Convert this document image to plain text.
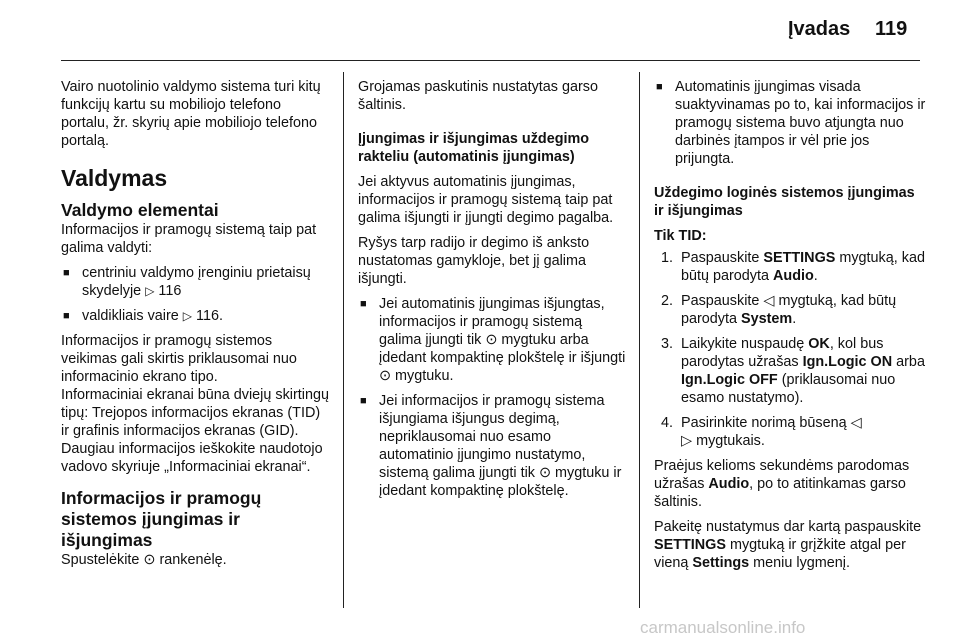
Įvadas 119

Vairo nuotolinio valdymo sistema turi kitų funkcijų kartu su mobiliojo telefono portalu, žr. skyrių apie mobiliojo telefono portalą.

Valdymas
Valdymo elementai

Informacijos ir pramogų sistemą taip pat galima valdyti:

■ centriniu valdymo įrenginiu prietaisų skydelyje ▷ 116
■ valdikliais vaire ▷ 116.

Informacijos ir pramogų sistemos veikimas gali skirtis priklausomai nuo informacinio ekrano tipo.

Informaciniai ekranai būna dviejų skirtingų tipų: Trejopos informacijos ekranas (TID) ir grafinis informacijos ekranas (GID). Daugiau informacijos ieškokite naudotojo vadovo skyriuje „Informaciniai ekranai“.

Informacijos ir pramogų sistemos įjungimas ir išjungimas

Spustelėkite ⊙ rankenėlę.

Grojamas paskutinis nustatytas garso šaltinis.

Įjungimas ir išjungimas uždegimo rakteliu (automatinis įjungimas)

Jei aktyvus automatinis įjungimas, informacijos ir pramogų sistemą taip pat galima išjungti ir įjungti degimo pagalba.

Ryšys tarp radijo ir degimo iš anksto nustatomas gamykloje, bet jį galima išjungti.

■ Jei automatinis įjungimas išjungtas, informacijos ir pramogų sistemą galima įjungti tik ⊙ mygtuku arba įdedant kompaktinę plokštelę ir išjungti ⊙ mygtuku.
■ Jei informacijos ir pramogų sistema išjungiama išjungus degimą, nepriklausomai nuo esamo automatinio įjungimo nustatymo, sistemą galima įjungti tik ⊙ mygtuku ir įdedant kompaktinę plokštelę.
■ Automatinis įjungimas visada suaktyvinamas po to, kai informacijos ir pramogų sistema buvo atjungta nuo darbinės įtampos ir vėl prie jos prijungta.

Uždegimo loginės sistemos įjungimas ir išjungimas

Tik TID:

1. Paspauskite SETTINGS mygtuką, kad būtų parodyta Audio.
2. Paspauskite ◁ mygtuką, kad būtų parodyta System.
3. Laikykite nuspaudę OK, kol bus parodytas užrašas Ign.Logic ON arba Ign.Logic OFF (priklausomai nuo esamo nustatymo).
4. Pasirinkite norimą būseną ◁
▷ mygtukais.

Praėjus kelioms sekundėms parodomas užrašas Audio, po to atitinkamas garso šaltinis.

Pakeitę nustatymus dar kartą paspauskite SETTINGS mygtuką ir grįžkite atgal per vieną Settings meniu lygmenį.

carmanualsonline.info
